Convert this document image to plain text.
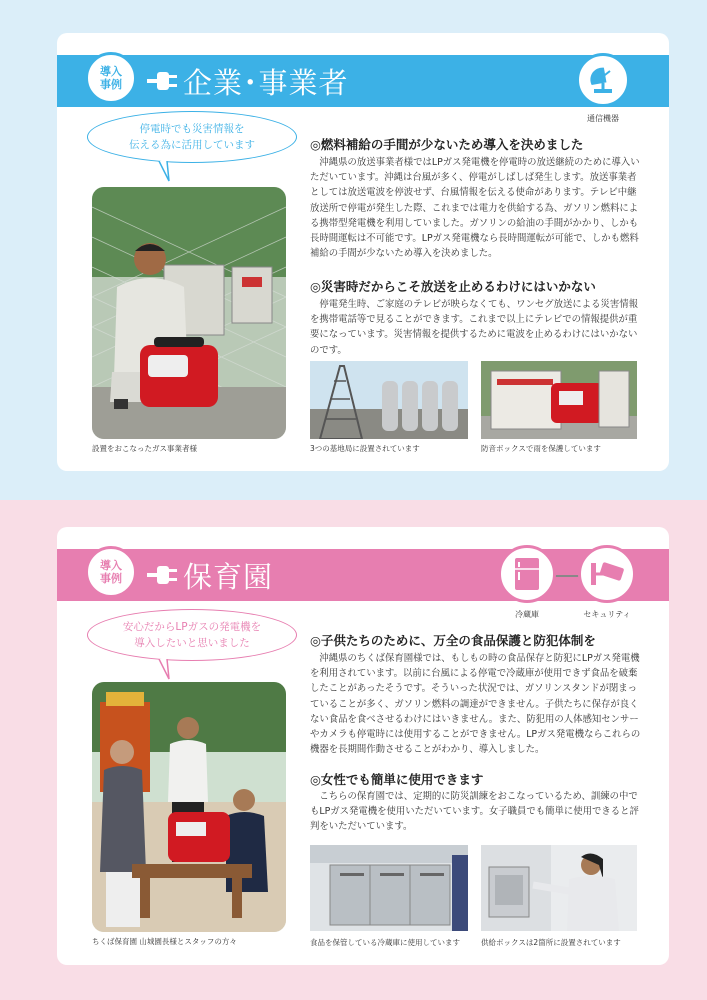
導入
事例 企業･事業者
通信機器
停電時でも災害情報を
伝える為に活用しています
設置をおこなったガス事業者様
◎燃料補給の手間が少ないため導入を決めました

沖縄県の放送事業者様ではLPガス発電機を停電時の放送継続のために導入いただいています。沖縄は台風が多く、停電がしばしば発生します。放送事業者としては放送電波を停波せず、台風情報を伝える使命があります。テレビ中継放送所で停電が発生した際、これまでは電力を供給する為、ガソリン燃料による携帯型発電機を利用していました。ガソリンの給油の手間がかかり、しかも長時間運転は不可能です。LPガス発電機なら長時間運転が可能で、しかも燃料補給の手間が少ないため導入を決めました。

◎災害時だからこそ放送を止めるわけにはいかない

停電発生時、ご家庭のテレビが映らなくても、ワンセグ放送による災害情報を携帯電話等で見ることができます。これまで以上にテレビでの情報提供が重要になっています。災害情報を提供するために電波を止めるわけにはいかないのです。

3つの基地局に設置されています	防音ボックスで雨を保護しています
導入
事例 保育園
冷蔵庫	セキュリティ
安心だからLPガスの発電機を
導入したいと思いました
ちくば保育園 山城園長様とスタッフの方々
◎子供たちのために、万全の食品保護と防犯体制を

沖縄県のちくば保育園様では、もしもの時の食品保存と防犯にLPガス発電機を利用されています。以前に台風による停電で冷蔵庫が使用できず食品を破棄したことがあったそうです。そういった状況では、ガソリンスタンドが閉まっていることが多く、ガソリン燃料の調達ができません。子供たちに保存が良くない食品を食べさせるわけにはいきません。また、防犯用の人体感知センサーやカメラも停電時には使用することができません。LPガス発電機ならこれらの機器を長期間作動させることがわかり、導入しました。

◎女性でも簡単に使用できます

こちらの保育園では、定期的に防災訓練をおこなっているため、訓練の中でもLPガス発電機を使用いただいています。女子職員でも簡単に使用できると評判をいただいています。

食品を保管している冷蔵庫に使用しています	供給ボックスは2箇所に設置されています
